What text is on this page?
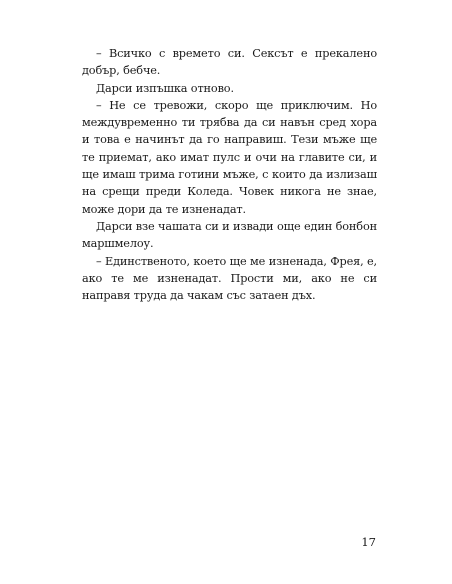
– Всичко с времето си. Сексът е прекалено добър, бебче.

Дарси изпъшка отново.

– Не се тревожи, скоро ще приключим. Но междувременно ти трябва да си навън сред хора и това е начинът да го направиш. Тези мъже ще те приемат, ако имат пулс и очи на главите си, и ще имаш трима готини мъже, с които да излизаш на срещи преди Коледа. Човек никога не знае, може дори да те изненадат.

Дарси взе чашата си и извади още един бонбон маршмелоу.

– Единственото, което ще ме изненада, Фрея, е, ако те ме изненадат. Прости ми, ако не си направя труда да чакам със затаен дъх.

17
